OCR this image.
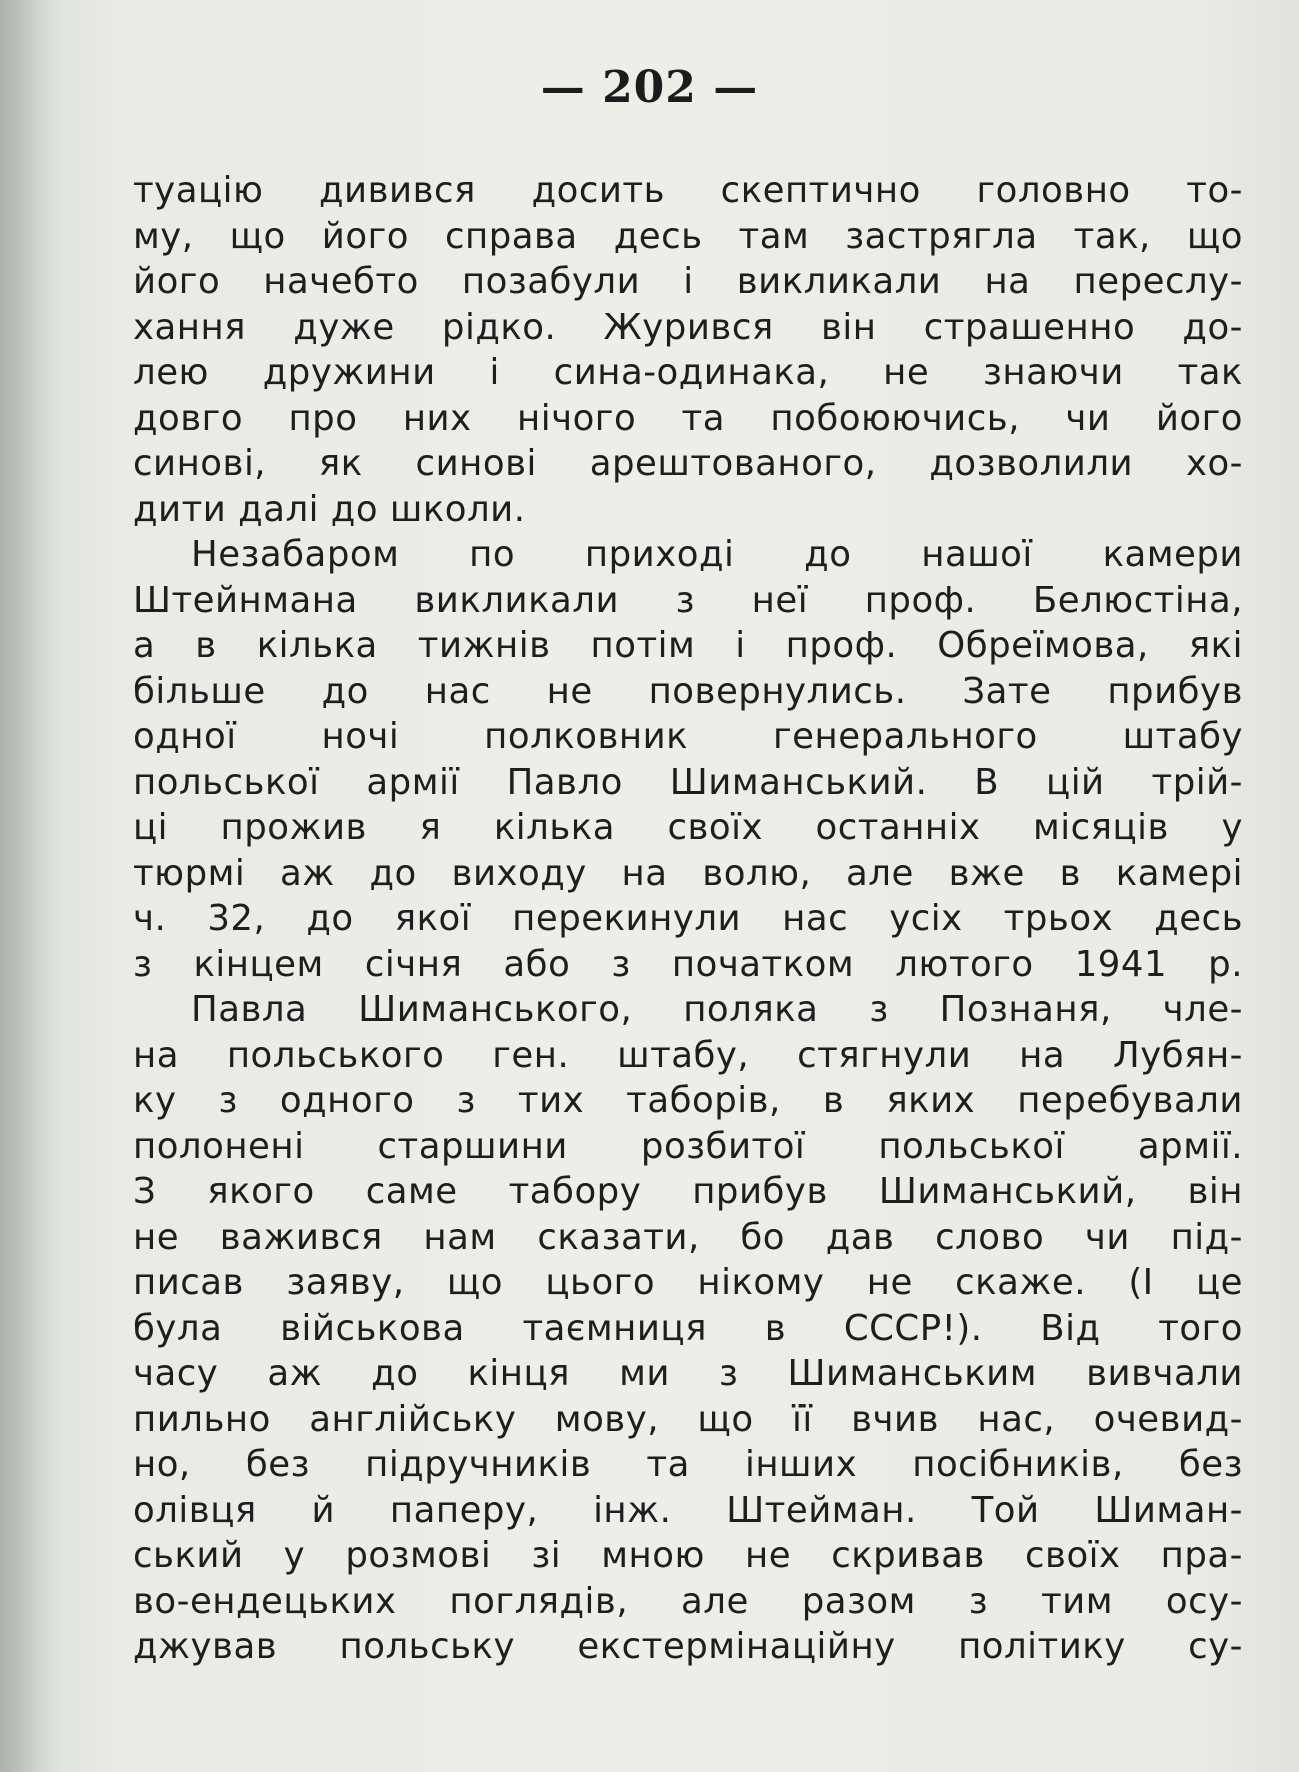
— 202 —
туацію дивився досить скептично головно то-
му, що його справа десь там застрягла так, що
його начебто позабули і викликали на переслу-
хання дуже рідко. Журився він страшенно до-
лею дружини і сина-одинака, не знаючи так
довго про них нічого та побоюючись, чи його
синові, як синові арештованого, дозволили хо-
дити далі до школи.
Незабаром по приході до нашої камери
Штейнмана викликали з неї проф. Белюстіна,
а в кілька тижнів потім і проф. Обреїмова, які
більше до нас не повернулись. Зате прибув
одної ночі полковник генерального штабу
польської армії Павло Шиманський. В цій трій-
ці прожив я кілька своїх останніх місяців у
тюрмі аж до виходу на волю, але вже в камері
ч. 32, до якої перекинули нас усіх трьох десь
з кінцем січня або з початком лютого 1941 р.
Павла Шиманського, поляка з Познаня, чле-
на польського ген. штабу, стягнули на Лубян-
ку з одного з тих таборів, в яких перебували
полонені старшини розбитої польської армії.
З якого саме табору прибув Шиманський, він
не важився нам сказати, бо дав слово чи під-
писав заяву, що цього нікому не скаже. (І це
була військова таємниця в СССР!). Від того
часу аж до кінця ми з Шиманським вивчали
пильно англійську мову, що її вчив нас, очевид-
но, без підручників та інших посібників, без
олівця й паперу, інж. Штейман. Той Шиман-
ський у розмові зі мною не скривав своїх пра-
во-ендецьких поглядів, але разом з тим осу-
джував польську екстермінаційну політику су-
